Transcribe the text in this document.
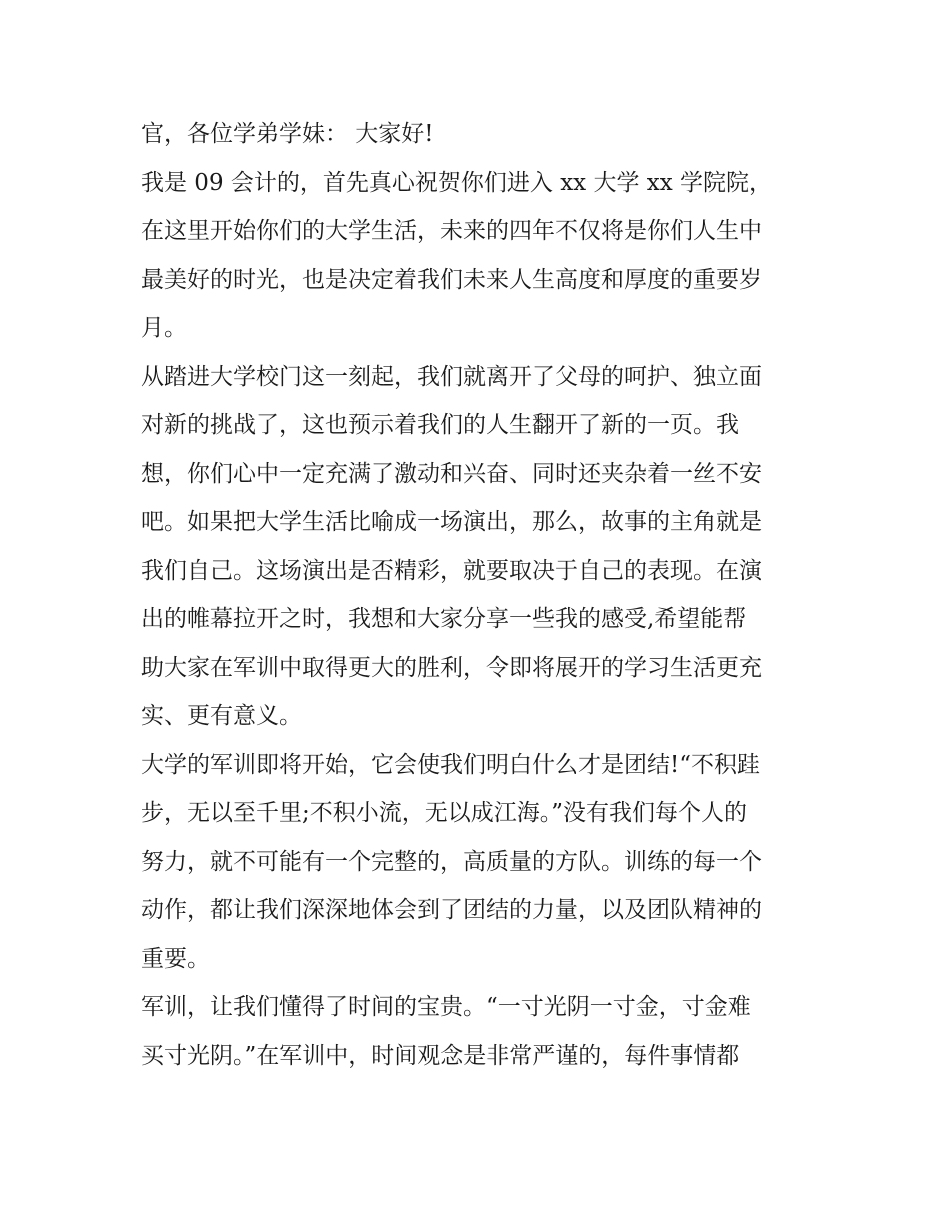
官，各位学弟学妹： 大家好!
我是 09 会计的，首先真心祝贺你们进入 xx 大学 xx 学院院，
在这里开始你们的大学生活，未来的四年不仅将是你们人生中
最美好的时光，也是决定着我们未来人生高度和厚度的重要岁
月。
从踏进大学校门这一刻起，我们就离开了父母的呵护、独立面
对新的挑战了，这也预示着我们的人生翻开了新的一页。我
想，你们心中一定充满了激动和兴奋、同时还夹杂着一丝不安
吧。如果把大学生活比喻成一场演出，那么，故事的主角就是
我们自己。这场演出是否精彩，就要取决于自己的表现。在演
出的帷幕拉开之时，我想和大家分享一些我的感受,希望能帮
助大家在军训中取得更大的胜利，令即将展开的学习生活更充
实、更有意义。
大学的军训即将开始，它会使我们明白什么才是团结!“不积跬
步，无以至千里;不积小流，无以成江海。”没有我们每个人的
努力，就不可能有一个完整的，高质量的方队。训练的每一个
动作，都让我们深深地体会到了团结的力量，以及团队精神的
重要。
军训，让我们懂得了时间的宝贵。“一寸光阴一寸金，寸金难
买寸光阴。”在军训中，时间观念是非常严谨的，每件事情都
